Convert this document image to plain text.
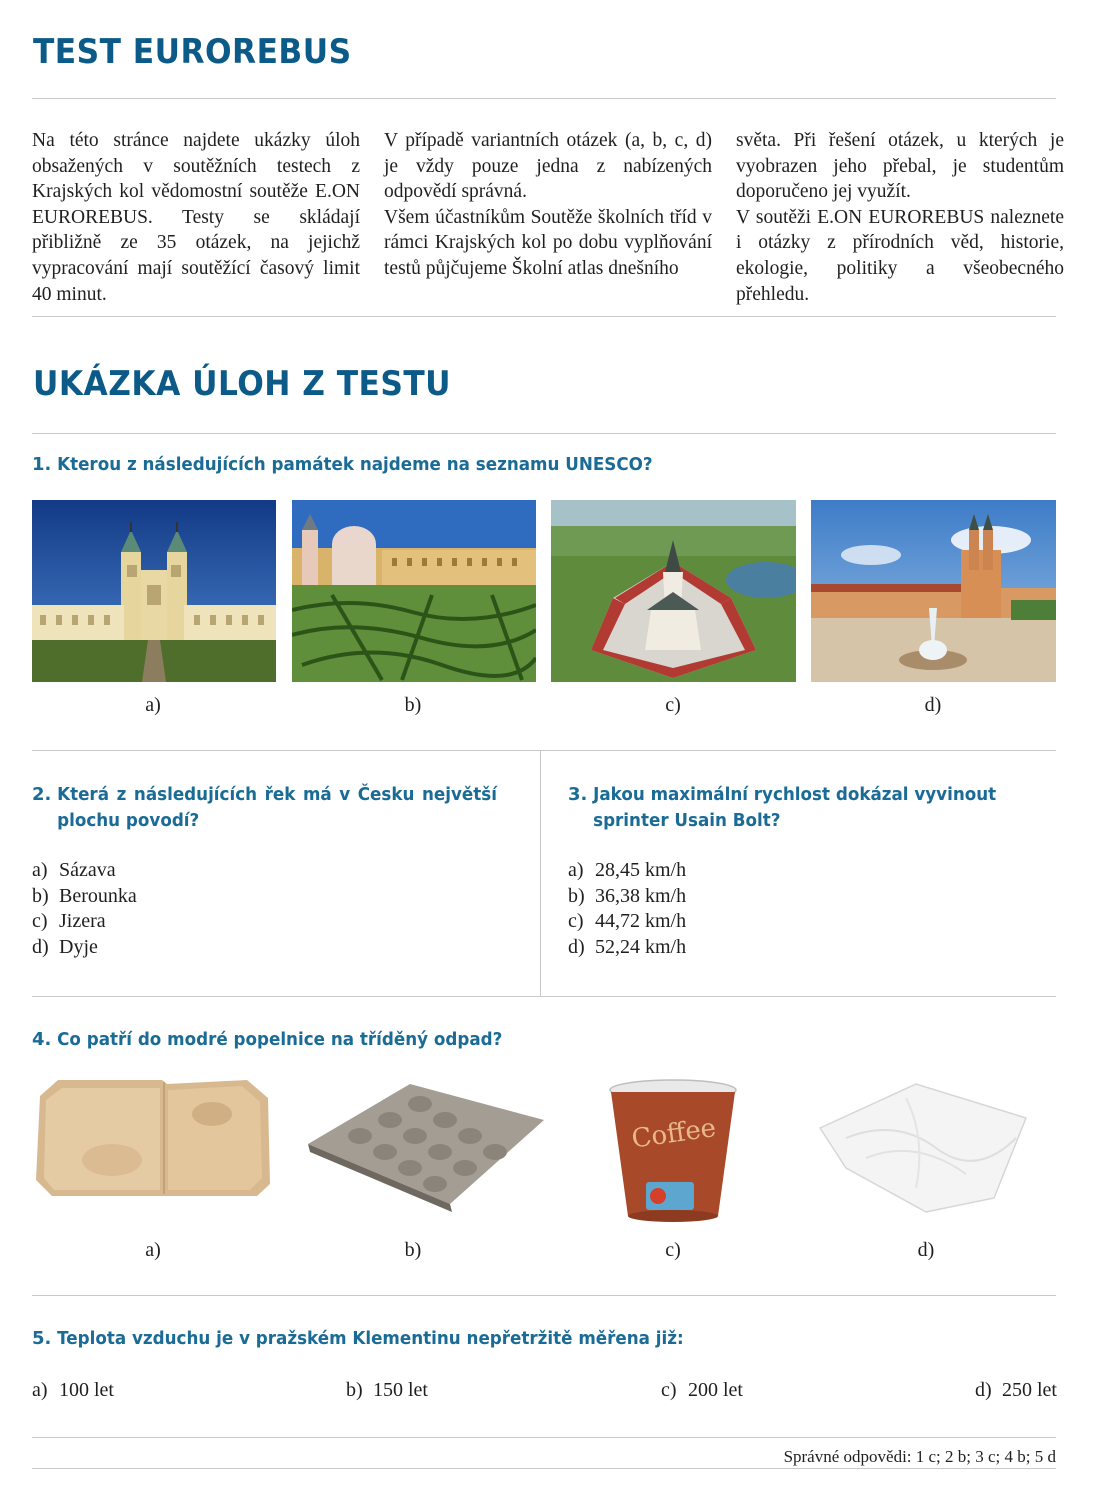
TEST EUROREBUS
Na této stránce najdete ukázky úloh obsažených v soutěžních testech z Krajských kol vědomostní soutěže E.ON EUROREBUS. Testy se skládají přibližně ze 35 otázek, na jejichž vypracování mají soutěžící časový limit 40 minut.
V případě variantních otázek (a, b, c, d) je vždy pouze jedna z nabízených odpovědí správná.
Všem účastníkům Soutěže školních tříd v rámci Krajských kol po dobu vyplňování testů půjčujeme Školní atlas dnešního
světa. Při řešení otázek, u kterých je vyobrazen jeho přebal, je studentům doporučeno jej využít.
V soutěži E.ON EUROREBUS naleznete i otázky z přírodních věd, historie, ekologie, politiky a všeobecného přehledu.
UKÁZKA ÚLOH Z TESTU
1. Kterou z následujících památek najdeme na seznamu UNESCO?
a)	b)	c)	d)
2. Která z následujících řek má v Česku největší plochu povodí?
a) Sázava
b) Berounka
c) Jizera
d) Dyje
3. Jakou maximální rychlost dokázal vyvinout sprinter Usain Bolt?
a) 28,45 km/h
b) 36,38 km/h
c) 44,72 km/h
d) 52,24 km/h
4. Co patří do modré popelnice na tříděný odpad?
Coffee
a)	b)	c)	d)
5. Teplota vzduchu je v pražském Klementinu nepřetržitě měřena již:
a) 100 let	b) 150 let	c) 200 let	d) 250 let
Správné odpovědi: 1 c; 2 b; 3 c; 4 b; 5 d
